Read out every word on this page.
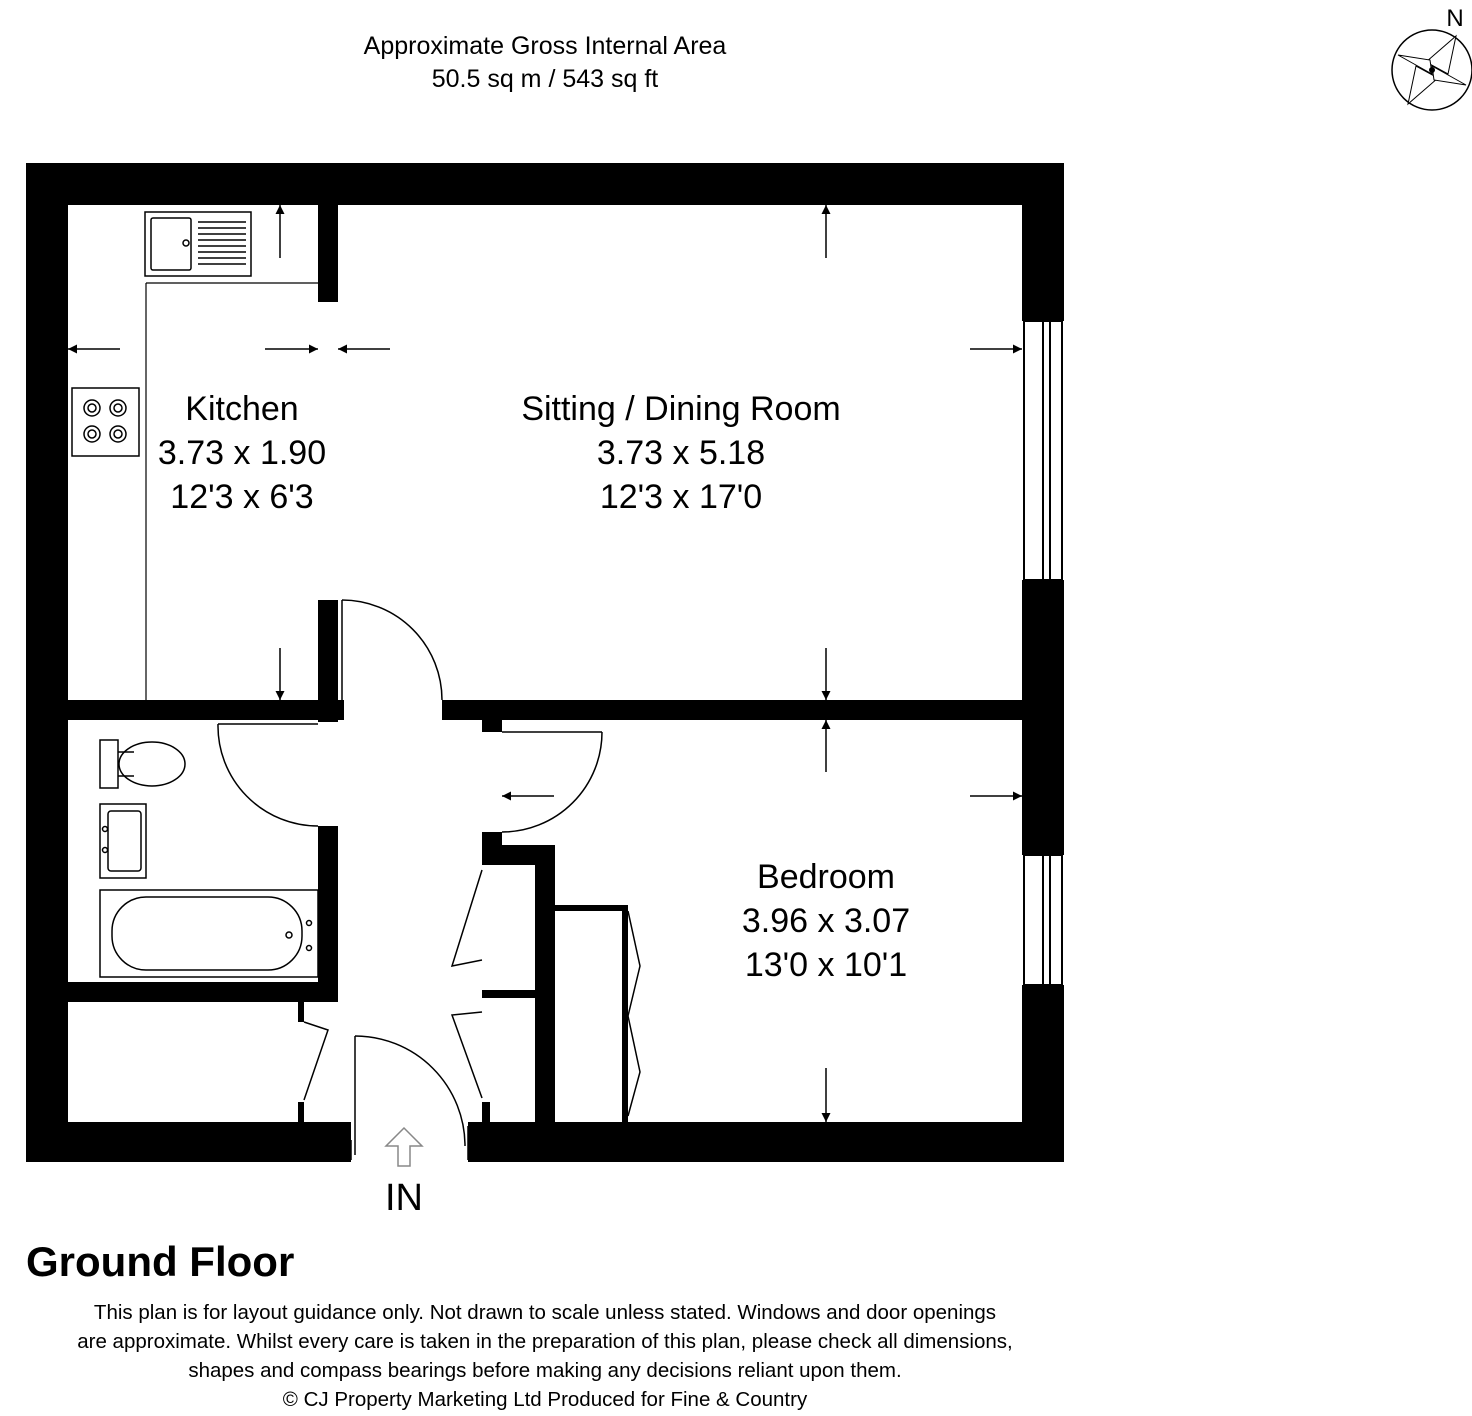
Approximate Gross Internal Area
50.5 sq m / 543 sq ft
N
Kitchen
3.73 x 1.90
12'3 x 6'3
Sitting / Dining Room
3.73 x 5.18
12'3 x 17'0
Bedroom
3.96 x 3.07
13'0 x 10'1
IN
Ground Floor
This plan is for layout guidance only. Not drawn to scale unless stated. Windows and door openings
are approximate. Whilst every care is taken in the preparation of this plan, please check all dimensions,
shapes and compass bearings before making any decisions reliant upon them.
© CJ Property Marketing Ltd Produced for Fine & Country
